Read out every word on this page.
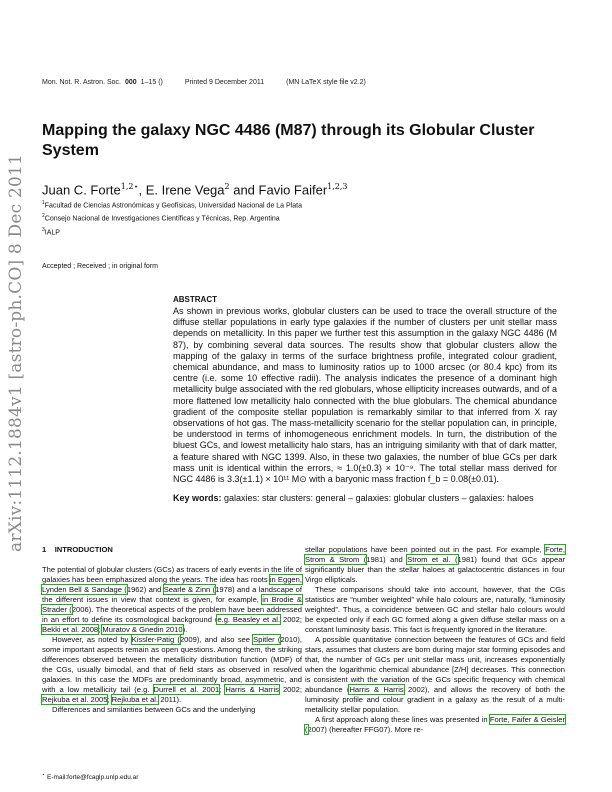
arXiv:1112.1884v1 [astro-ph.CO] 8 Dec 2011
Mon. Not. R. Astron. Soc. 000 1–15 ()	Printed 9 December 2011	(MN LaTeX style file v2.2)
Mapping the galaxy NGC 4486 (M87) through its Globular Cluster System
Juan C. Forte$^{1,2⋆}$, E. Irene Vega$^2$ and Favio Faifer$^{1,2,3}$
$^1$Facultad de Ciencias Astronómicas y Geofísicas, Universidad Nacional de La Plata
$^2$Consejo Nacional de Investigaciones Científicas y Técnicas, Rep. Argentina
$^3$IALP
Accepted ; Received ; in original form
ABSTRACT

As shown in previous works, globular clusters can be used to trace the overall structure of the diffuse stellar populations in early type galaxies if the number of clusters per unit stellar mass depends on metallicity. In this paper we further test this assumption in the galaxy NGC 4486 (M 87), by combining several data sources. The results show that globular clusters allow the mapping of the galaxy in terms of the surface brightness profile, integrated colour gradient, chemical abundance, and mass to luminosity ratios up to 1000 arcsec (or 80.4 kpc) from its centre (i.e. some 10 effective radii). The analysis indicates the presence of a dominant high metallicity bulge associated with the red globulars, whose ellipticity increases outwards, and of a more flattened low metallicity halo connected with the blue globulars. The chemical abundance gradient of the composite stellar population is remarkably similar to that inferred from X ray observations of hot gas. The mass-metallicity scenario for the stellar population can, in principle, be understood in terms of inhomogeneous enrichment models. In turn, the distribution of the bluest GCs, and lowest metallicity halo stars, has an intriguing similarity with that of dark matter, a feature shared with NGC 1399. Also, in these two galaxies, the number of blue GCs per dark mass unit is identical within the errors, ≈ 1.0(±0.3) × 10⁻⁹. The total stellar mass derived for NGC 4486 is 3.3(±1.1) × 10¹¹ M⊙ with a baryonic mass fraction f_b = 0.08(±0.01).

Key words: galaxies: star clusters: general – galaxies: globular clusters – galaxies: haloes
1 INTRODUCTION

The potential of globular clusters (GCs) as tracers of early events in the life of galaxies has been emphasized along the years. The idea has roots in Eggen, Lynden Bell & Sandage (1962) and Searle & Zinn (1978) and a landscape of the different issues in view that context is given, for example, in Brodie & Strader (2006). The theoretical aspects of the problem have been addressed in an effort to define its cosmological background (e.g. Beasley et al. 2002; Bekki et al. 2008; Muratov & Gnedin 2010).

However, as noted by Kissler-Patig (2009), and also see Spitler (2010), some important aspects remain as open questions. Among them, the striking differences observed between the metallicity distribution function (MDF) of the CGs, usually bimodal, and that of field stars as observed in resolved galaxies. In this case the MDFs are predominantly broad, asymmetric, and with a low metallicity tail (e.g. Durrell et al. 2001; Harris & Harris 2002; Rejkuba et al. 2005; Rejkuba et al. 2011).

Differences and similarities between GCs and the underlying

stellar populations have been pointed out in the past. For example, Forte, Strom & Strom (1981) and Strom et al. (1981) found that GCs appear significantly bluer than the stellar haloes at galactocentric distances in four Virgo ellipticals.

These comparisons should take into account, however, that the CGs statistics are “number weighted” while halo colours are, naturally, “luminosity weighted”. Thus, a coincidence between GC and stellar halo colours would be expected only if each GC formed along a given diffuse stellar mass on a constant luminosity basis. This fact is frequently ignored in the literature.

A possible quantitative connection between the features of GCs and field stars, assumes that clusters are born during major star forming episodes and that, the number of GCs per unit stellar mass unit, increases exponentially when the logarithmic chemical abundance [Z/H] decreases. This connection is consistent with the variation of the GCs specific frequency with chemical abundance (Harris & Harris 2002), and allows the recovery of both the luminosity profile and colour gradient in a galaxy as the result of a multi-metallicity stellar population.

A first approach along these lines was presented in Forte, Faifer & Geisler (2007) (hereafter FFG07). More re-

⋆ E-mail:forte@fcaglp.unlp.edu.ar
